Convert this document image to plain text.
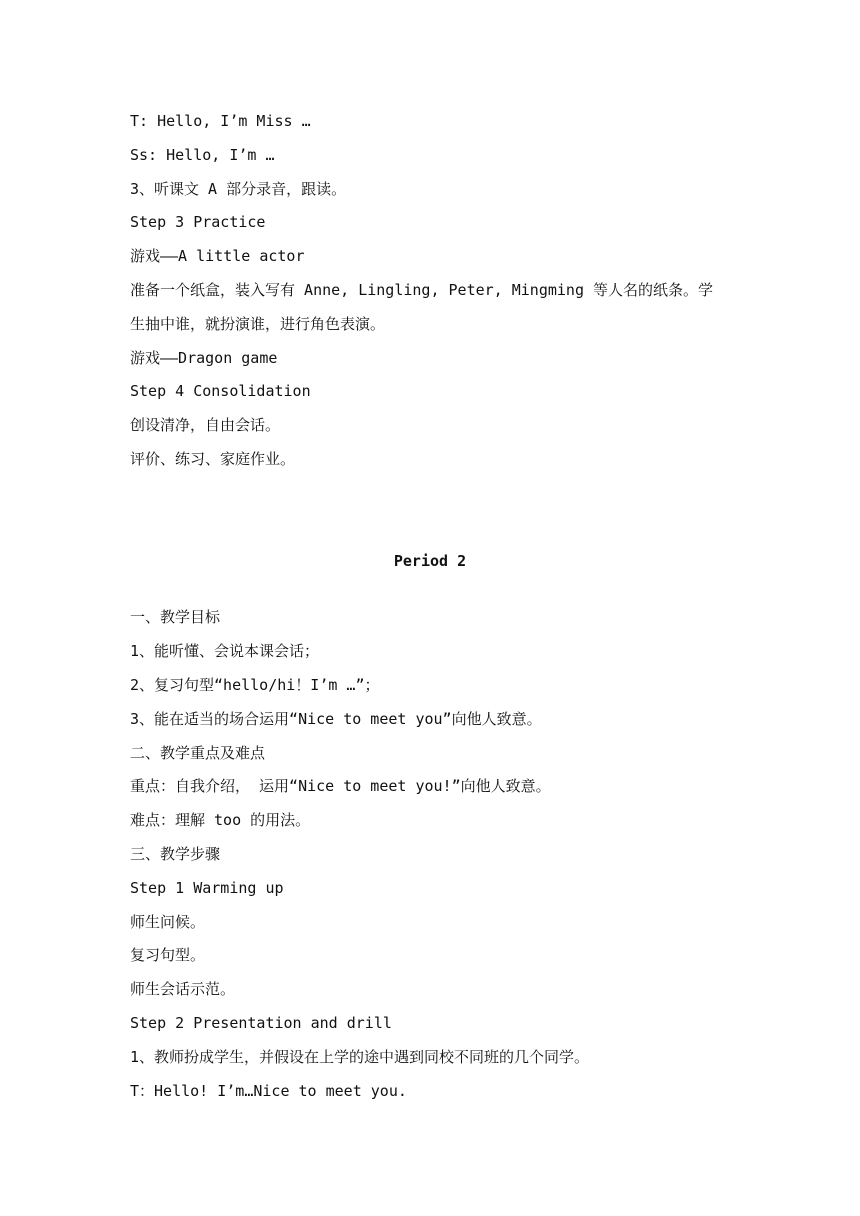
T: Hello, I’m Miss …
Ss: Hello, I’m …
3、听课文 A 部分录音，跟读。
Step 3 Practice
游戏——A little actor
准备一个纸盒，装入写有 Anne, Lingling, Peter, Mingming 等人名的纸条。学
生抽中谁，就扮演谁，进行角色表演。
游戏——Dragon game
Step 4 Consolidation
创设清净，自由会话。
评价、练习、家庭作业。
Period 2
一、教学目标
1、能听懂、会说本课会话；
2、复习句型“hello/hi！I’m …”；
3、能在适当的场合运用“Nice to meet you”向他人致意。
二、教学重点及难点
重点：自我介绍， 运用“Nice to meet you!”向他人致意。
难点：理解 too 的用法。
三、教学步骤
Step 1 Warming up
师生问候。
复习句型。
师生会话示范。
Step 2 Presentation and drill
1、教师扮成学生，并假设在上学的途中遇到同校不同班的几个同学。
T：Hello! I’m…Nice to meet you.
